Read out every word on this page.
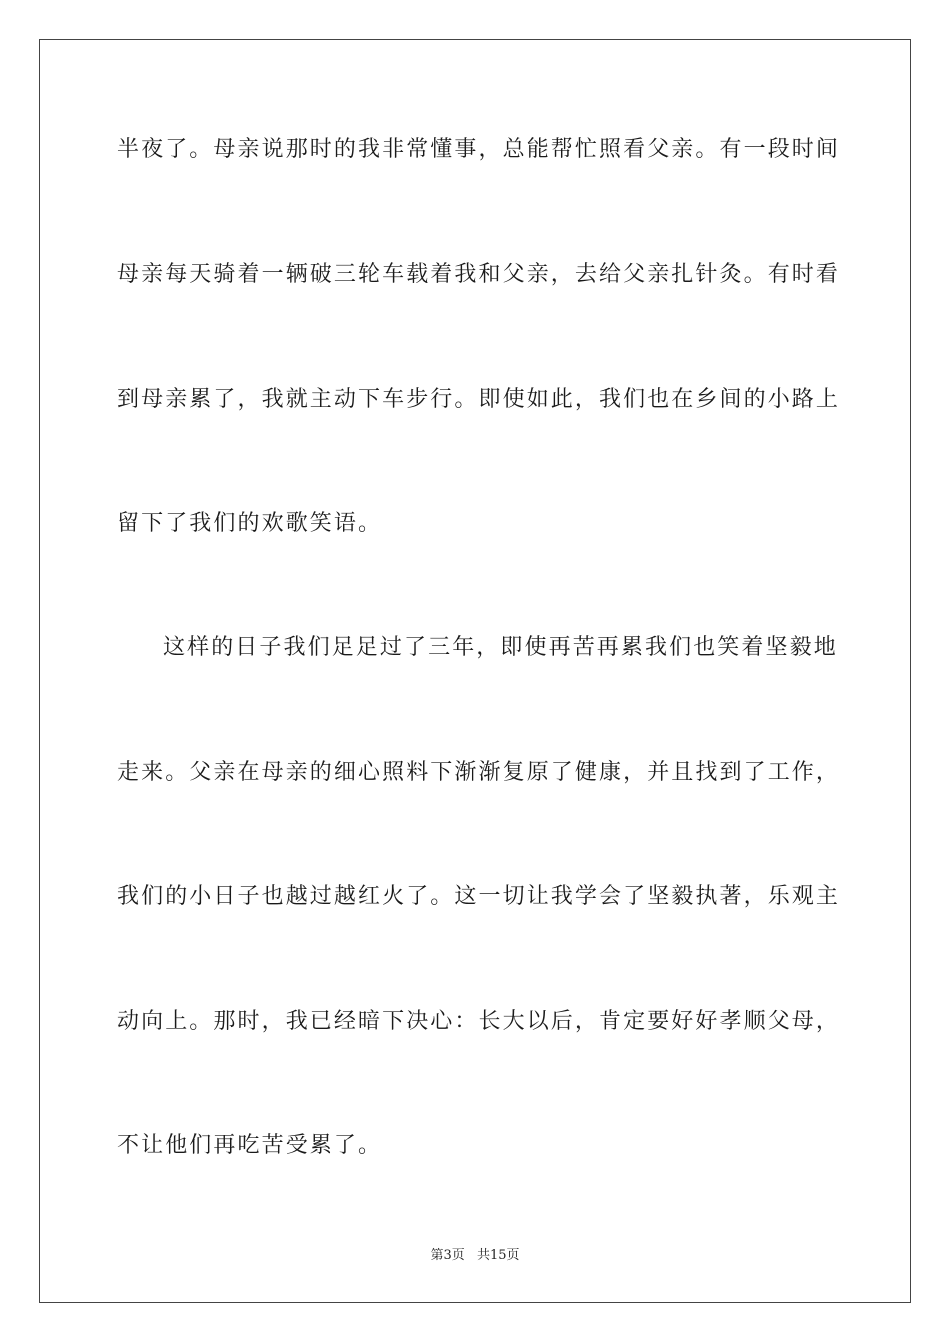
半夜了。母亲说那时的我非常懂事，总能帮忙照看父亲。有一段时间
母亲每天骑着一辆破三轮车载着我和父亲，去给父亲扎针灸。有时看
到母亲累了，我就主动下车步行。即使如此，我们也在乡间的小路上
留下了我们的欢歌笑语。
这样的日子我们足足过了三年，即使再苦再累我们也笑着坚毅地
走来。父亲在母亲的细心照料下渐渐复原了健康，并且找到了工作，
我们的小日子也越过越红火了。这一切让我学会了坚毅执著，乐观主
动向上。那时，我已经暗下决心：长大以后，肯定要好好孝顺父母，
不让他们再吃苦受累了。
第3页 共15页
